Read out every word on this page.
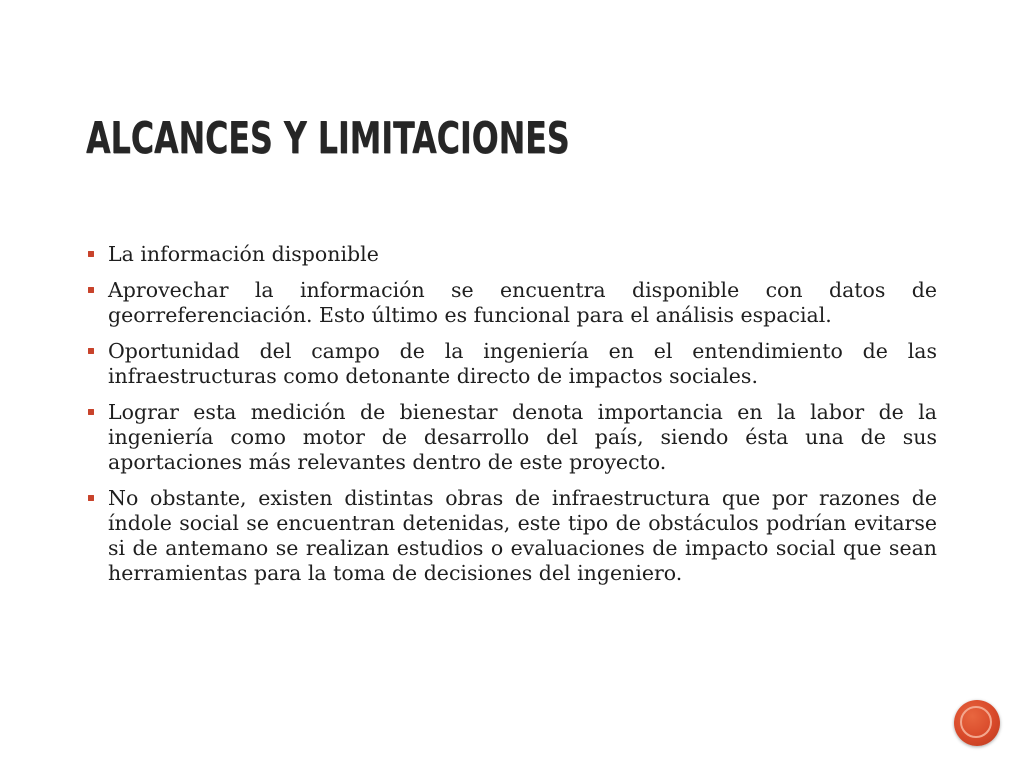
ALCANCES Y LIMITACIONES
La información disponible
Aprovechar la información se encuentra disponible con datos de georreferenciación. Esto último es funcional para el análisis espacial.
Oportunidad del campo de la ingeniería en el entendimiento de las infraestructuras como detonante directo de impactos sociales.
Lograr esta medición de bienestar denota importancia en la labor de la ingeniería como motor de desarrollo del país, siendo ésta una de sus aportaciones más relevantes dentro de este proyecto.
No obstante, existen distintas obras de infraestructura que por razones de índole social se encuentran detenidas, este tipo de obstáculos podrían evitarse si de antemano se realizan estudios o evaluaciones de impacto social que sean herramientas para la toma de decisiones del ingeniero.
